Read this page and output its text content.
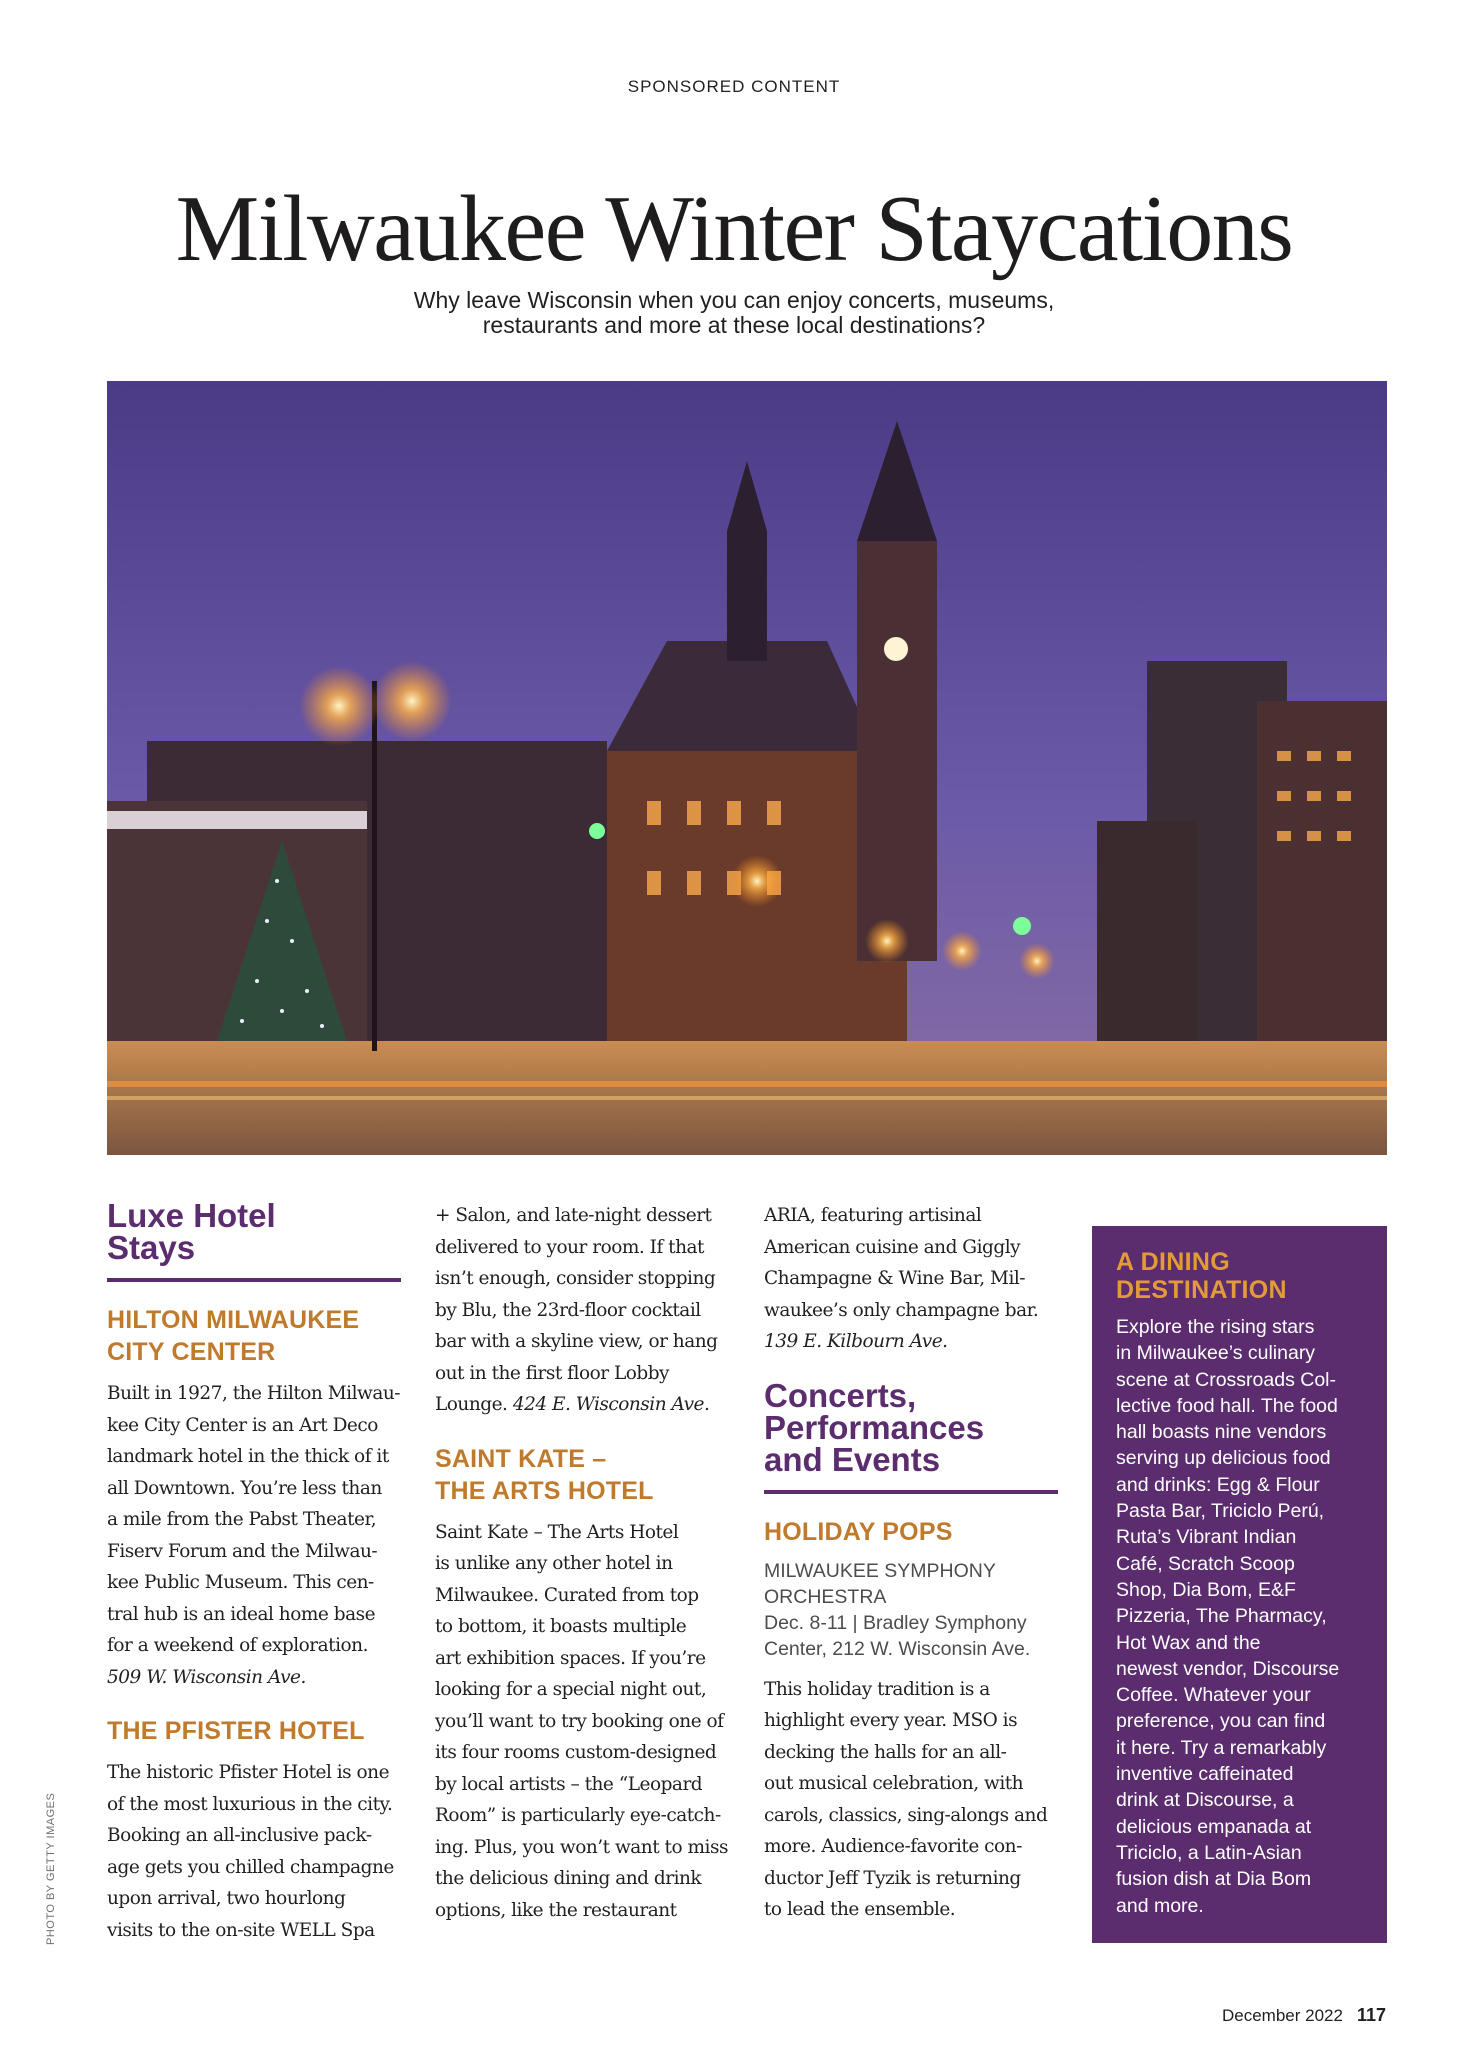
SPONSORED CONTENT
Milwaukee Winter Staycations
Why leave Wisconsin when you can enjoy concerts, museums,
restaurants and more at these local destinations?
PHOTO BY GETTY IMAGES
Luxe Hotel
Stays
HILTON MILWAUKEE
CITY CENTER
Built in 1927, the Hilton Milwau-
kee City Center is an Art Deco
landmark hotel in the thick of it
all Downtown. You’re less than
a mile from the Pabst Theater,
Fiserv Forum and the Milwau-
kee Public Museum. This cen-
tral hub is an ideal home base
for a weekend of exploration.
509 W. Wisconsin Ave.
THE PFISTER HOTEL
The historic Pfister Hotel is one
of the most luxurious in the city.
Booking an all-inclusive pack-
age gets you chilled champagne
upon arrival, two hourlong
visits to the on-site WELL Spa
+ Salon, and late-night dessert
delivered to your room. If that
isn’t enough, consider stopping
by Blu, the 23rd-floor cocktail
bar with a skyline view, or hang
out in the first floor Lobby
Lounge. 424 E. Wisconsin Ave.
SAINT KATE –
THE ARTS HOTEL
Saint Kate – The Arts Hotel
is unlike any other hotel in
Milwaukee. Curated from top
to bottom, it boasts multiple
art exhibition spaces. If you’re
looking for a special night out,
you’ll want to try booking one of
its four rooms custom-designed
by local artists – the “Leopard
Room” is particularly eye-catch-
ing. Plus, you won’t want to miss
the delicious dining and drink
options, like the restaurant
ARIA, featuring artisinal
American cuisine and Giggly
Champagne & Wine Bar, Mil-
waukee’s only champagne bar.
139 E. Kilbourn Ave.
Concerts,
Performances
and Events
HOLIDAY POPS
MILWAUKEE SYMPHONY
ORCHESTRA
Dec. 8-11 | Bradley Symphony
Center, 212 W. Wisconsin Ave.
This holiday tradition is a
highlight every year. MSO is
decking the halls for an all-
out musical celebration, with
carols, classics, sing-alongs and
more. Audience-favorite con-
ductor Jeff Tyzik is returning
to lead the ensemble.
A DINING
DESTINATION
Explore the rising stars
in Milwaukee’s culinary
scene at Crossroads Col-
lective food hall. The food
hall boasts nine vendors
serving up delicious food
and drinks: Egg & Flour
Pasta Bar, Triciclo Perú,
Ruta’s Vibrant Indian
Café, Scratch Scoop
Shop, Dia Bom, E&F
Pizzeria, The Pharmacy,
Hot Wax and the
newest vendor, Discourse
Coffee. Whatever your
preference, you can find
it here. Try a remarkably
inventive caffeinated
drink at Discourse, a
delicious empanada at
Triciclo, a Latin-Asian
fusion dish at Dia Bom
and more.
December 2022 117
